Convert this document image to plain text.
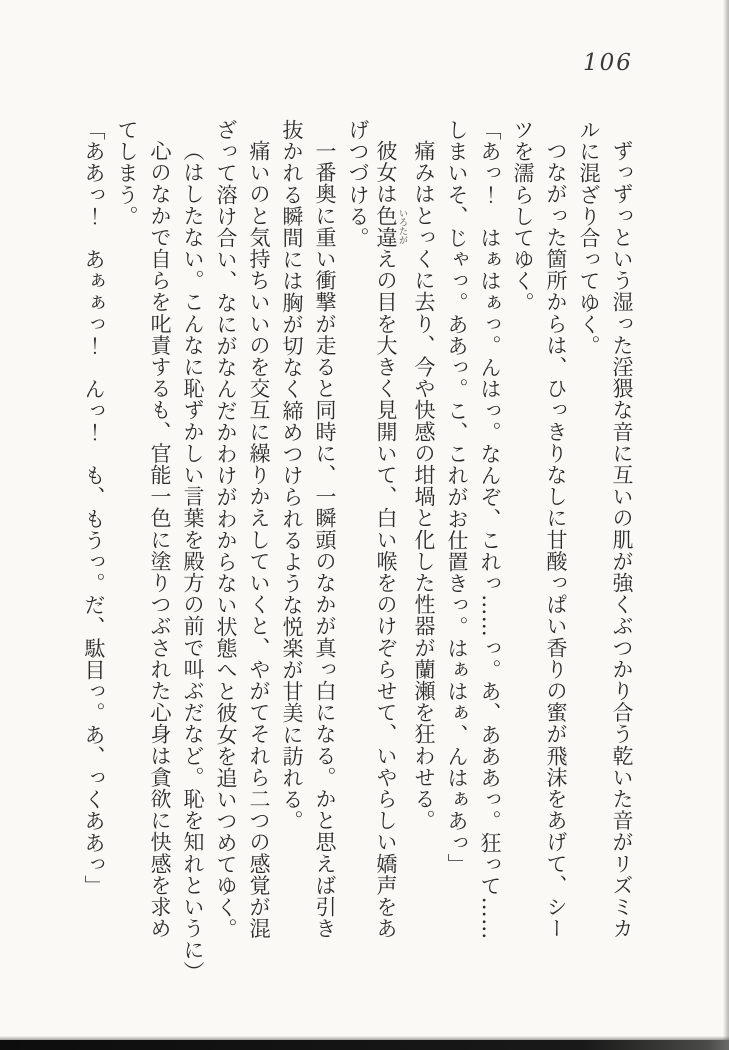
106
ずっずっという湿った淫猥な音に互いの肌が強くぶつかり合う乾いた音がリズミカ
ルに混ざり合ってゆく。
つながった箇所からは、ひっきりなしに甘酸っぱい香りの蜜が飛沫をあげて、シー
ツを濡らしてゆく。
「あっ！　はぁはぁっ。んはっ。なんぞ、これっ……っ。あ、あああっ。狂って……
しまいそ、じゃっ。ああっ。こ、これがお仕置きっ。はぁはぁ、んはぁあっ」
痛みはとっくに去り、今や快感の坩堝と化した性器が蘭瀬を狂わせる。
彼女は色違 いろたがえの目を大きく見開いて、白い喉をのけぞらせて、いやらしい嬌声をあ
げつづける。
一番奥に重い衝撃が走ると同時に、一瞬頭のなかが真っ白になる。かと思えば引き
抜かれる瞬間には胸が切なく締めつけられるような悦楽が甘美に訪れる。
痛いのと気持ちいいのを交互に繰りかえしていくと、やがてそれら二つの感覚が混
ざって溶け合い、なにがなんだかわけがわからない状態へと彼女を追いつめてゆく。
（はしたない。こんなに恥ずかしい言葉を殿方の前で叫ぶだなど。恥を知れというに）
心のなかで自らを叱責するも、官能一色に塗りつぶされた心身は貪欲に快感を求め
てしまう。
「ああっ！　あぁぁっ！　んっ！　も、もうっ。だ、駄目っ。あ、っくああっ」
